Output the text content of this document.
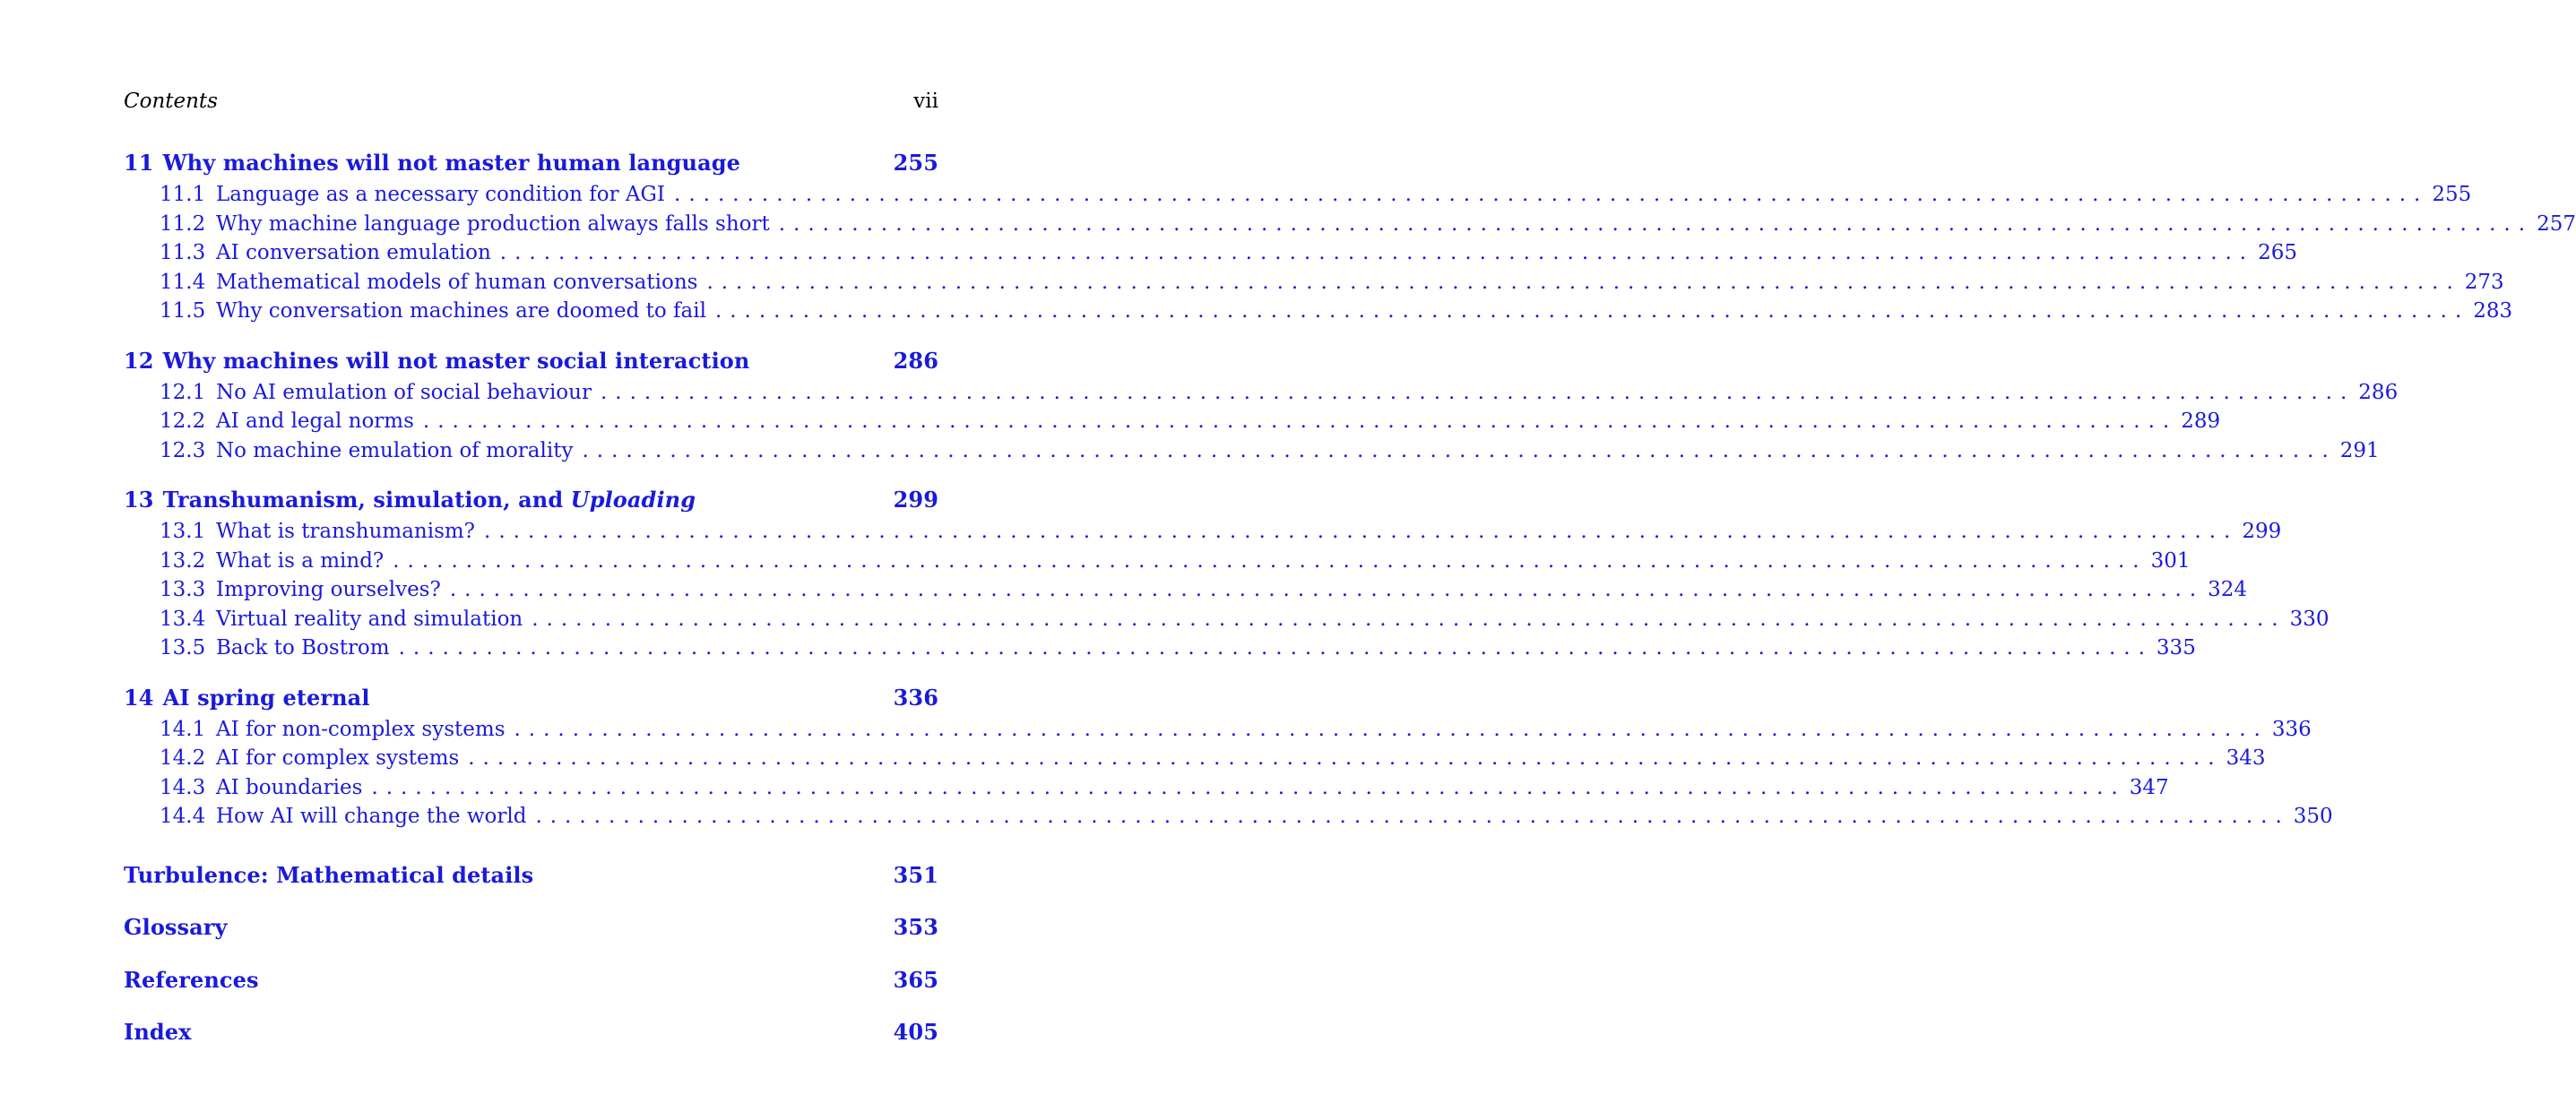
Contents	vii
11 Why machines will not master human language	255
11.1 Language as a necessary condition for AGI ........................................................................................................................ 255
11.2 Why machine language production always falls short ........................................................................................................................ 257
11.3 AI conversation emulation ........................................................................................................................ 265
11.4 Mathematical models of human conversations ........................................................................................................................ 273
11.5 Why conversation machines are doomed to fail ........................................................................................................................ 283
12 Why machines will not master social interaction	286
12.1 No AI emulation of social behaviour ........................................................................................................................ 286
12.2 AI and legal norms ........................................................................................................................ 289
12.3 No machine emulation of morality ........................................................................................................................ 291
13 Transhumanism, simulation, and Uploading	299
13.1 What is transhumanism? ........................................................................................................................ 299
13.2 What is a mind? ........................................................................................................................ 301
13.3 Improving ourselves? ........................................................................................................................ 324
13.4 Virtual reality and simulation ........................................................................................................................ 330
13.5 Back to Bostrom ........................................................................................................................ 335
14 AI spring eternal	336
14.1 AI for non-complex systems ........................................................................................................................ 336
14.2 AI for complex systems ........................................................................................................................ 343
14.3 AI boundaries ........................................................................................................................ 347
14.4 How AI will change the world ........................................................................................................................ 350
Turbulence: Mathematical details	351
Glossary	353
References	365
Index	405
